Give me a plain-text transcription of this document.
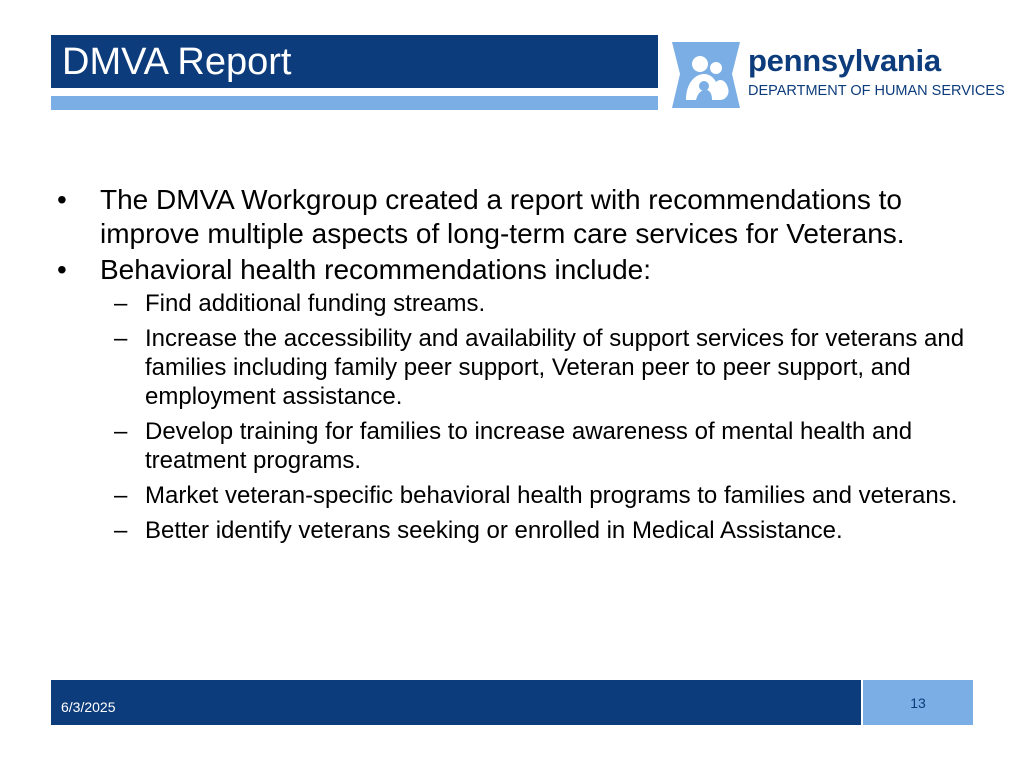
DMVA Report	pennsylvania
DEPARTMENT OF HUMAN SERVICES
• The DMVA Workgroup created a report with recommendations to improve multiple aspects of long-term care services for Veterans.
• Behavioral health recommendations include:
– Find additional funding streams.
– Increase the accessibility and availability of support services for veterans and families including family peer support, Veteran peer to peer support, and employment assistance.
– Develop training for families to increase awareness of mental health and treatment programs.
– Market veteran-specific behavioral health programs to families and veterans.
– Better identify veterans seeking or enrolled in Medical Assistance.
6/3/2025	13
